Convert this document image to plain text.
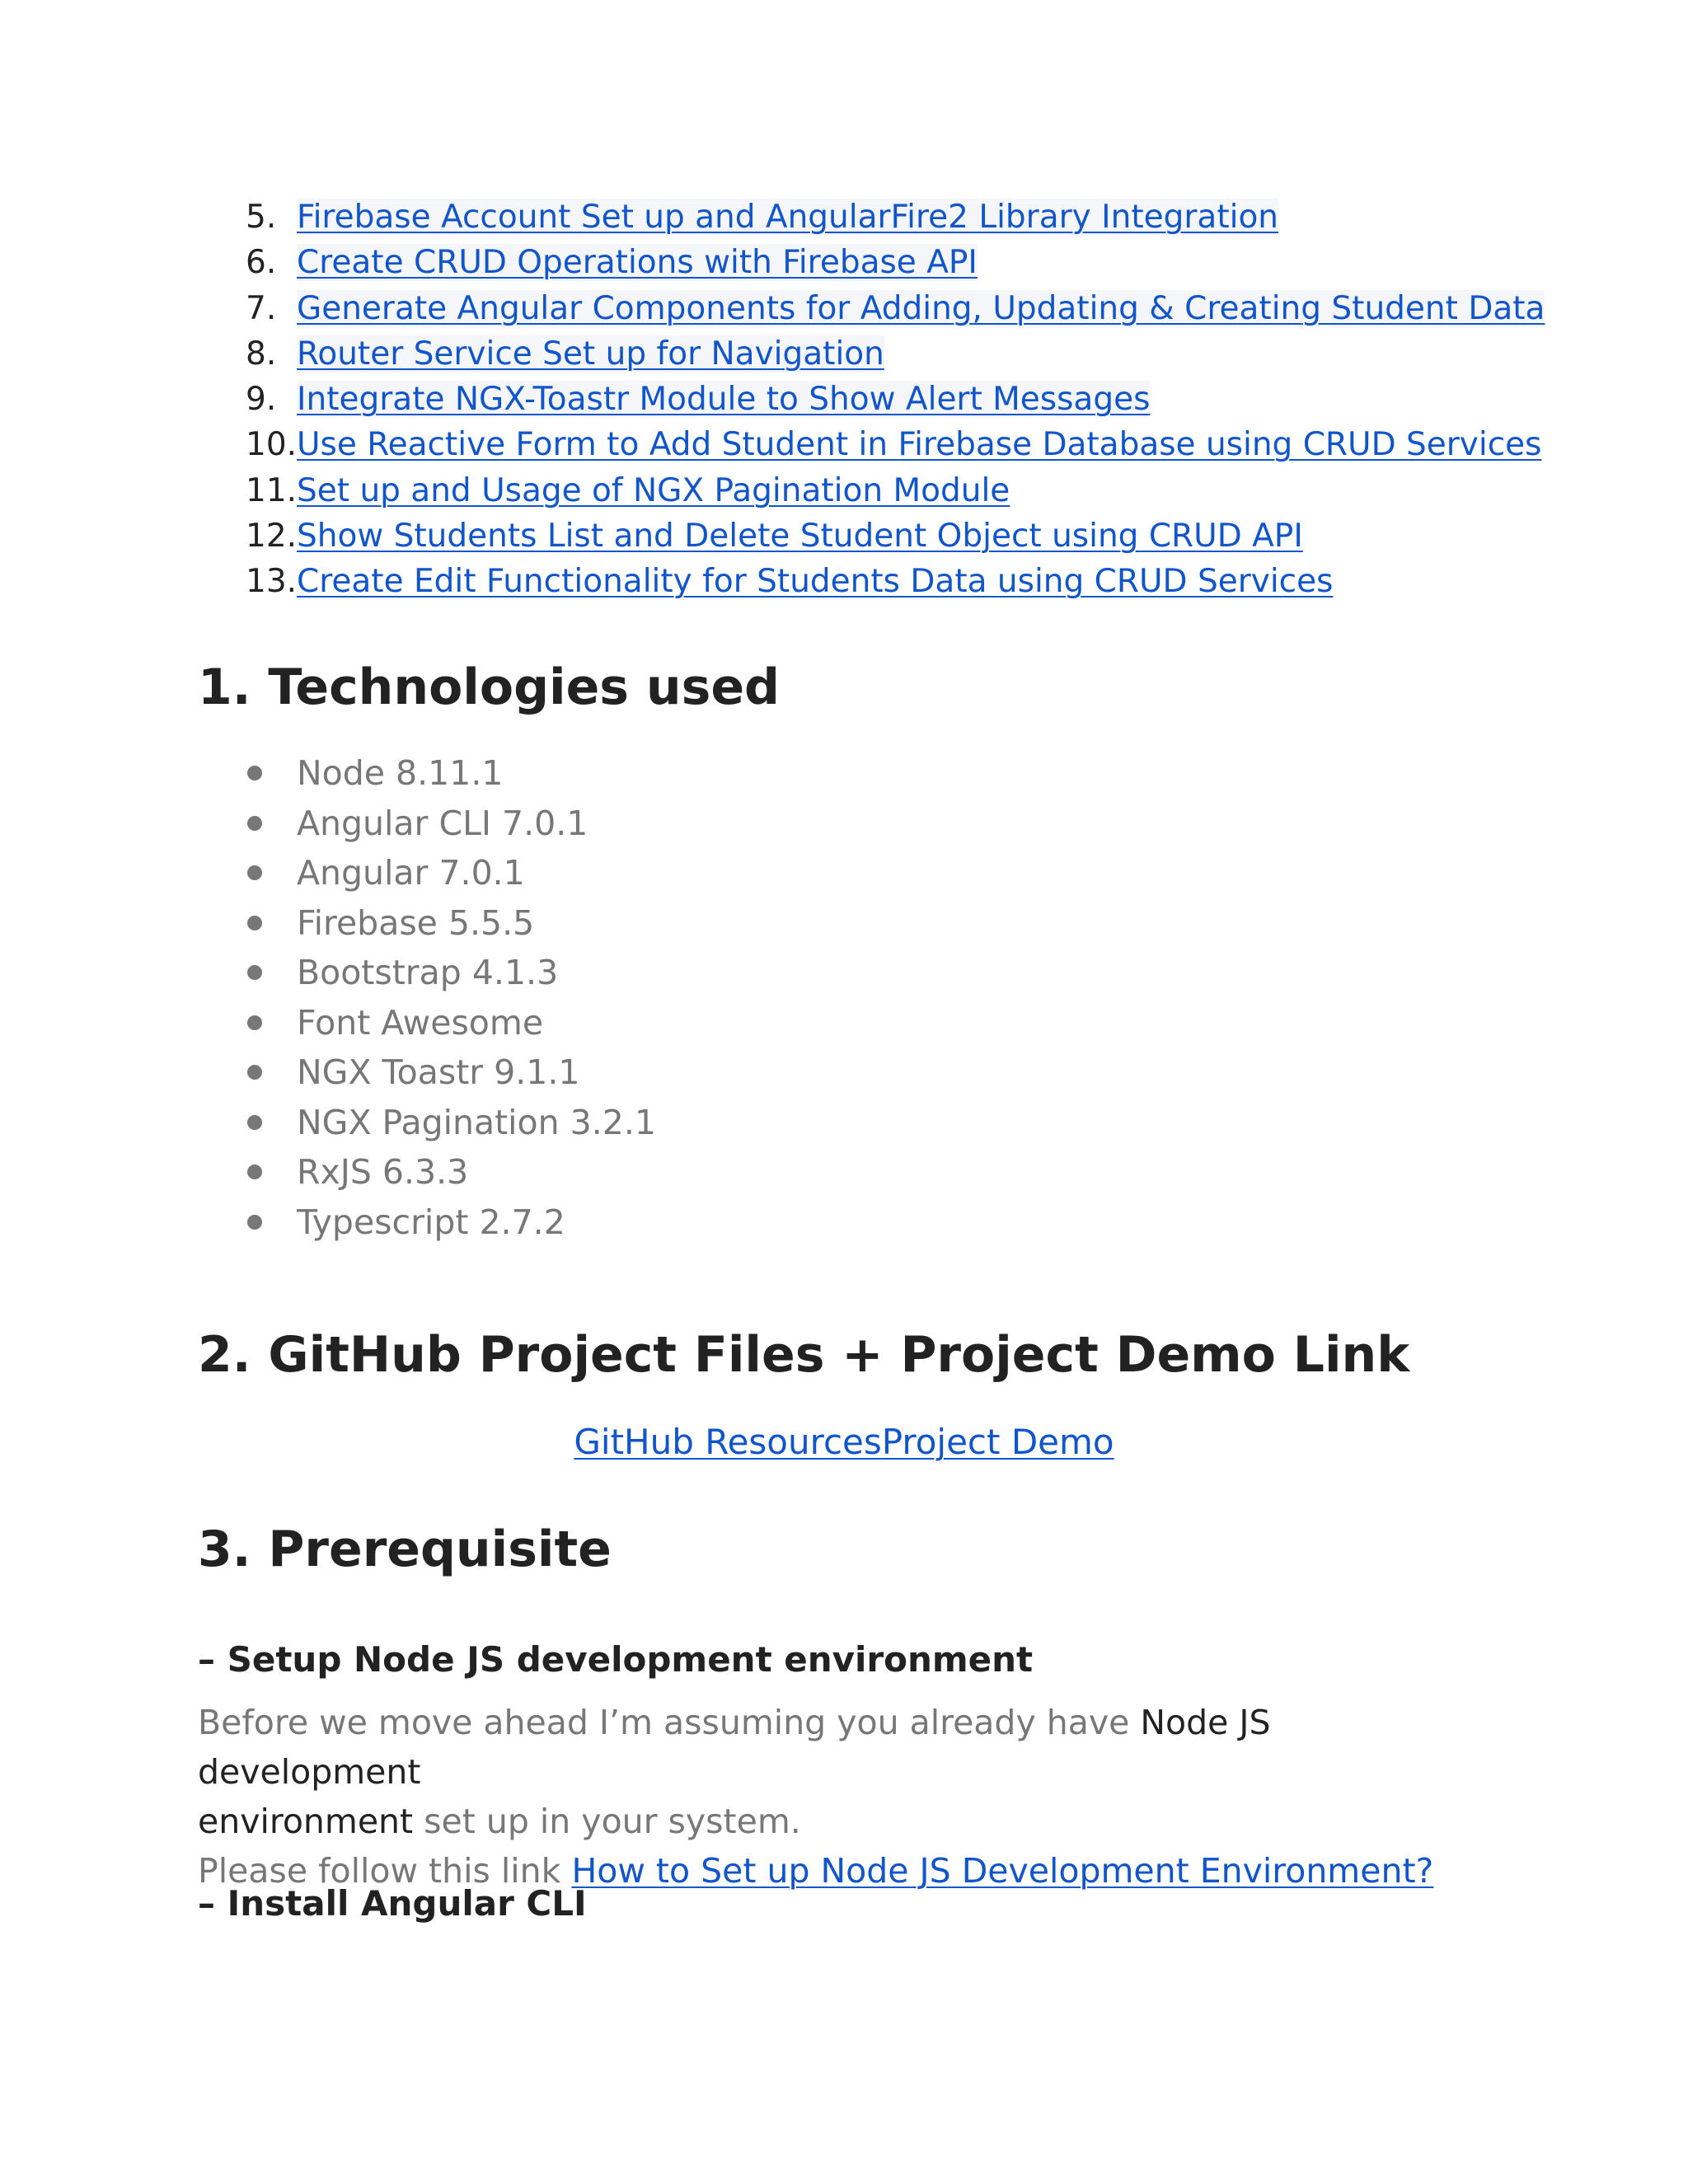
5. Firebase Account Set up and AngularFire2 Library Integration
6. Create CRUD Operations with Firebase API
7. Generate Angular Components for Adding, Updating & Creating Student Data
8. Router Service Set up for Navigation
9. Integrate NGX-Toastr Module to Show Alert Messages
10.Use Reactive Form to Add Student in Firebase Database using CRUD Services
11.Set up and Usage of NGX Pagination Module
12.Show Students List and Delete Student Object using CRUD API
13.Create Edit Functionality for Students Data using CRUD Services
1. Technologies used
Node 8.11.1
Angular CLI 7.0.1
Angular 7.0.1
Firebase 5.5.5
Bootstrap 4.1.3
Font Awesome
NGX Toastr 9.1.1
NGX Pagination 3.2.1
RxJS 6.3.3
Typescript 2.7.2
2. GitHub Project Files + Project Demo Link
GitHub ResourcesProject Demo
3. Prerequisite
– Setup Node JS development environment

Before we move ahead I’m assuming you already have Node JS development
environment set up in your system.
Please follow this link How to Set up Node JS Development Environment?

– Install Angular CLI
